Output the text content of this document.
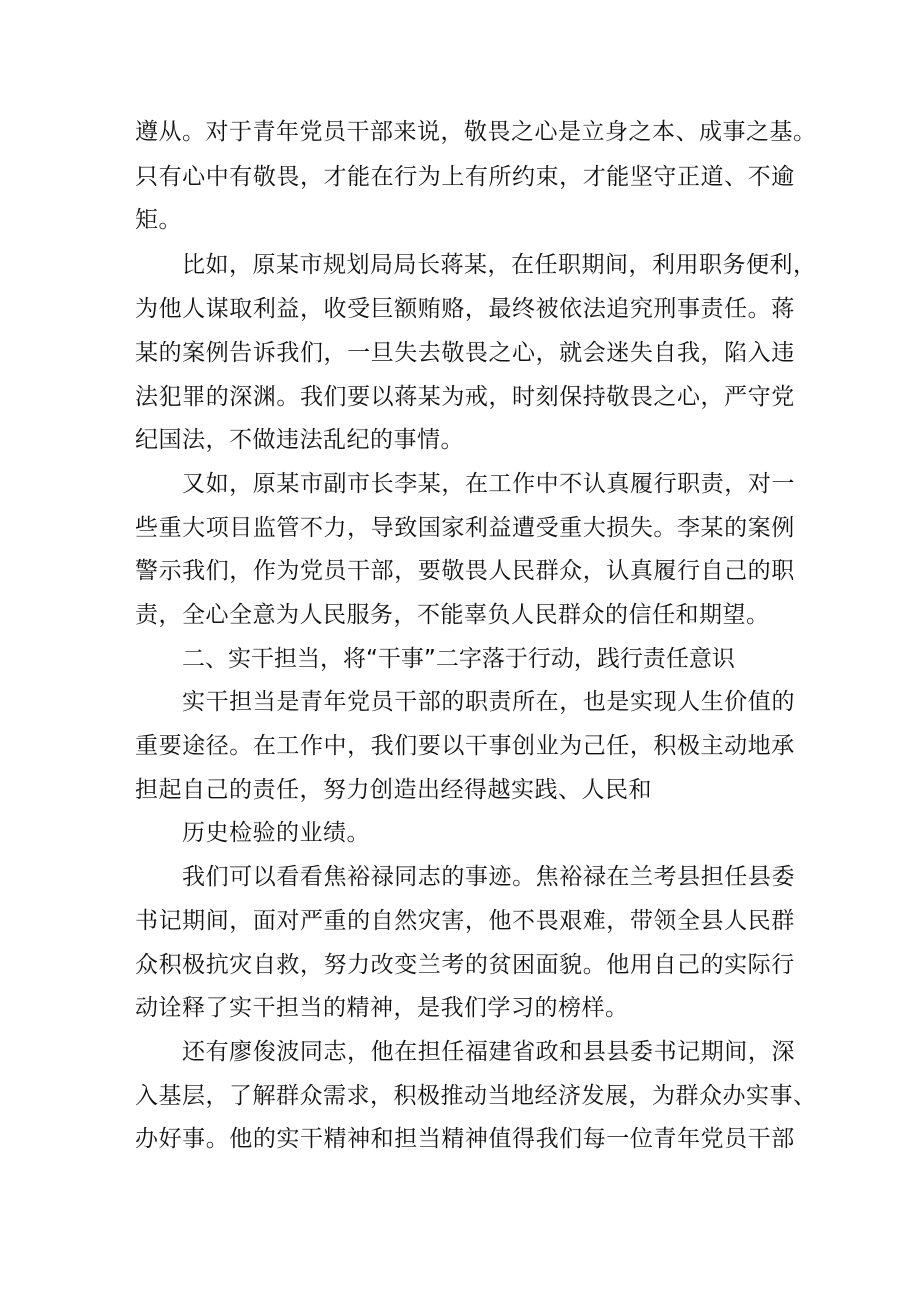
遵 从 。 对 于 青 年 党 员 干 部 来 说 ， 敬 畏 之 心 是 立 身 之 本 、 成 事 之 基 。
只 有 心 中 有 敬 畏 ， 才 能 在 行 为 上 有 所 约 束 ， 才 能 坚 守 正 道 、 不 逾
矩。
比 如 ， 原 某 市 规 划 局 局 长 蒋 某 ， 在 任 职 期 间 ， 利 用 职 务 便 利 ，
为 他 人 谋 取 利 益 ， 收 受 巨 额 贿 赂 ， 最 终 被 依 法 追 究 刑 事 责 任 。 蒋
某 的 案 例 告 诉 我 们 ， 一 旦 失 去 敬 畏 之 心 ， 就 会 迷 失 自 我 ， 陷 入 违
法 犯 罪 的 深 渊 。 我 们 要 以 蒋 某 为 戒 ， 时 刻 保 持 敬 畏 之 心 ， 严 守 党
纪国法，不做违法乱纪的事情。
又 如 ， 原 某 市 副 市 长 李 某 ， 在 工 作 中 不 认 真 履 行 职 责 ， 对 一
些 重 大 项 目 监 管 不 力 ， 导 致 国 家 利 益 遭 受 重 大 损 失 。 李 某 的 案 例
警 示 我 们 ， 作 为 党 员 干 部 ， 要 敬 畏 人 民 群 众 ， 认 真 履 行 自 己 的 职
责，全心全意为人民服务，不能辜负人民群众的信任和期望。
二、实干担当，将“干事”二字落于行动，践行责任意识
实 干 担 当 是 青 年 党 员 干 部 的 职 责 所 在 ， 也 是 实 现 人 生 价 值 的
重 要 途 径 。 在 工 作 中 ， 我 们 要 以 干 事 创 业 为 己 任 ， 积 极 主 动 地 承
担起自己的责任，努力创造出经得越实践、人民和
历史检验的业绩。
我 们 可 以 看 看 焦 裕 禄 同 志 的 事 迹 。 焦 裕 禄 在 兰 考 县 担 任 县 委
书 记 期 间 ， 面 对 严 重 的 自 然 灾 害 ， 他 不 畏 艰 难 ， 带 领 全 县 人 民 群
众 积 极 抗 灾 自 救 ， 努 力 改 变 兰 考 的 贫 困 面 貌 。 他 用 自 己 的 实 际 行
动诠释了实干担当的精神，是我们学习的榜样。
还 有 廖 俊 波 同 志 ， 他 在 担 任 福 建 省 政 和 县 县 委 书 记 期 间 ， 深
入 基 层 ， 了 解 群 众 需 求 ， 积 极 推 动 当 地 经 济 发 展 ， 为 群 众 办 实 事 、
办 好 事 。 他 的 实 干 精 神 和 担 当 精 神 值 得 我 们 每 一 位 青 年 党 员 干 部
